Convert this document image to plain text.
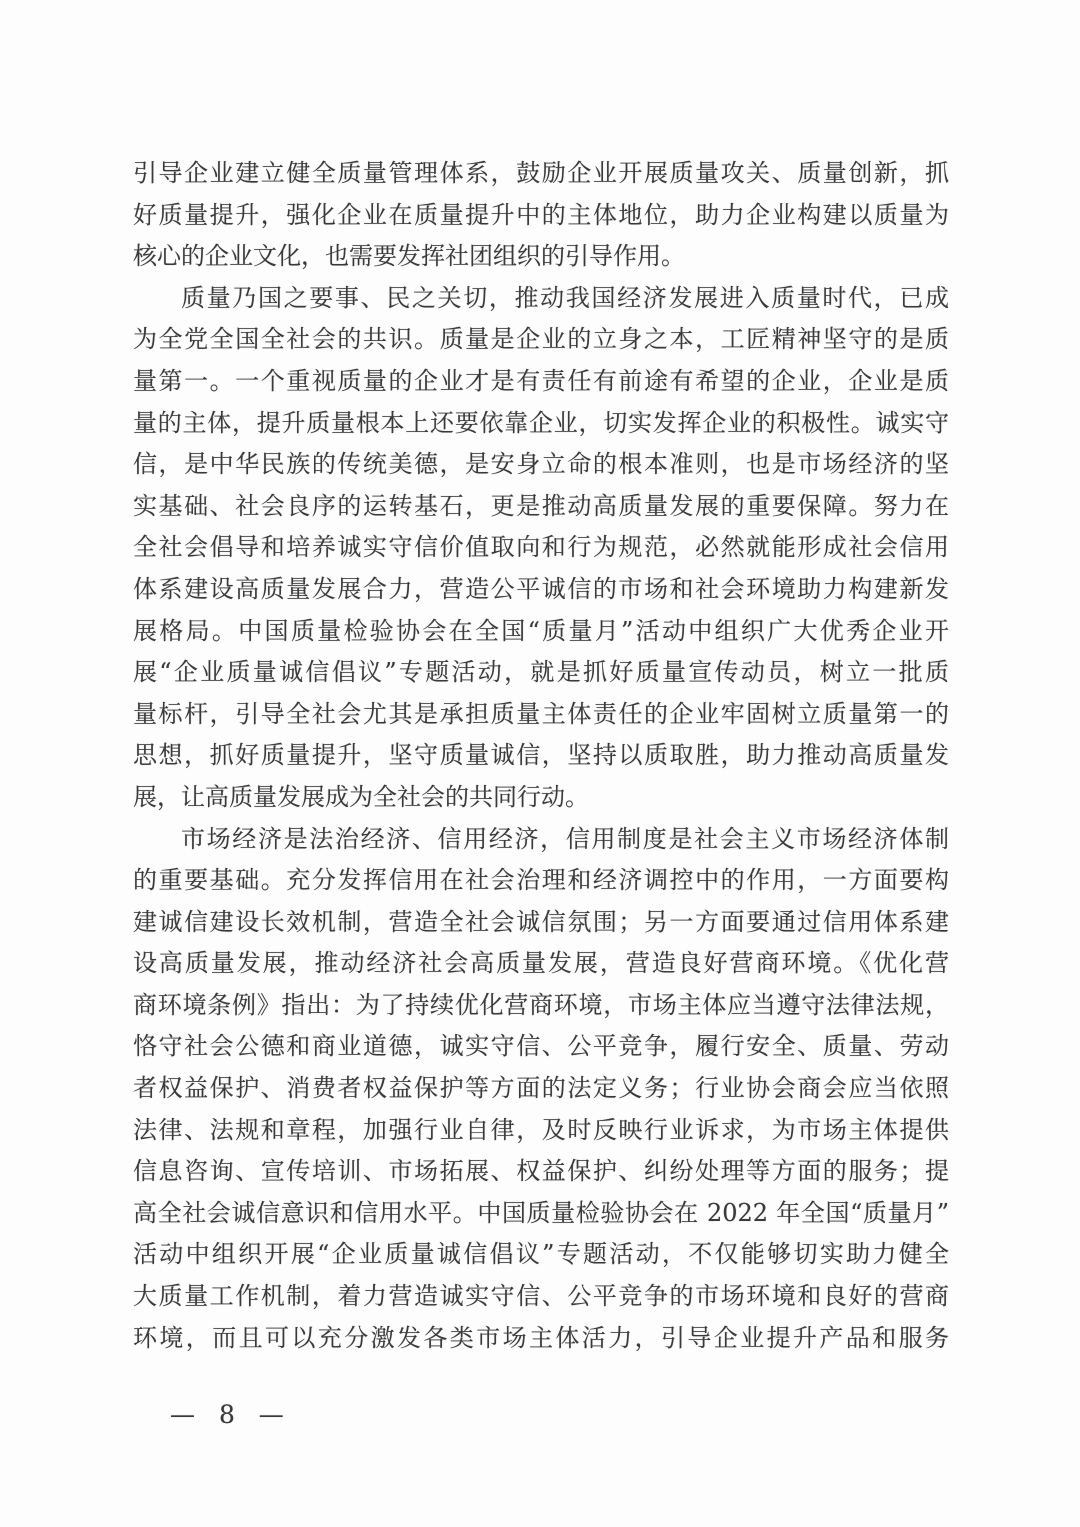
引导企业建立健全质量管理体系，鼓励企业开展质量攻关、质量创新，抓
好质量提升，强化企业在质量提升中的主体地位，助力企业构建以质量为
核心的企业文化，也需要发挥社团组织的引导作用。
质量乃国之要事、民之关切，推动我国经济发展进入质量时代，已成
为全党全国全社会的共识。质量是企业的立身之本，工匠精神坚守的是质
量第一。一个重视质量的企业才是有责任有前途有希望的企业，企业是质
量的主体，提升质量根本上还要依靠企业，切实发挥企业的积极性。诚实守
信，是中华民族的传统美德，是安身立命的根本准则，也是市场经济的坚
实基础、社会良序的运转基石，更是推动高质量发展的重要保障。努力在
全社会倡导和培养诚实守信价值取向和行为规范，必然就能形成社会信用
体系建设高质量发展合力，营造公平诚信的市场和社会环境助力构建新发
展格局。中国质量检验协会在全国“质量月”活动中组织广大优秀企业开
展“企业质量诚信倡议”专题活动，就是抓好质量宣传动员，树立一批质
量标杆，引导全社会尤其是承担质量主体责任的企业牢固树立质量第一的
思想，抓好质量提升，坚守质量诚信，坚持以质取胜，助力推动高质量发
展，让高质量发展成为全社会的共同行动。
市场经济是法治经济、信用经济，信用制度是社会主义市场经济体制
的重要基础。充分发挥信用在社会治理和经济调控中的作用，一方面要构
建诚信建设长效机制，营造全社会诚信氛围；另一方面要通过信用体系建
设高质量发展，推动经济社会高质量发展，营造良好营商环境。《优化营
商环境条例》指出：为了持续优化营商环境，市场主体应当遵守法律法规，
恪守社会公德和商业道德，诚实守信、公平竞争，履行安全、质量、劳动
者权益保护、消费者权益保护等方面的法定义务；行业协会商会应当依照
法律、法规和章程，加强行业自律，及时反映行业诉求，为市场主体提供
信息咨询、宣传培训、市场拓展、权益保护、纠纷处理等方面的服务；提
高全社会诚信意识和信用水平。中国质量检验协会在 2022 年全国“质量月”
活动中组织开展“企业质量诚信倡议”专题活动，不仅能够切实助力健全
大质量工作机制，着力营造诚实守信、公平竞争的市场环境和良好的营商
环境，而且可以充分激发各类市场主体活力，引导企业提升产品和服务
— 8 —
